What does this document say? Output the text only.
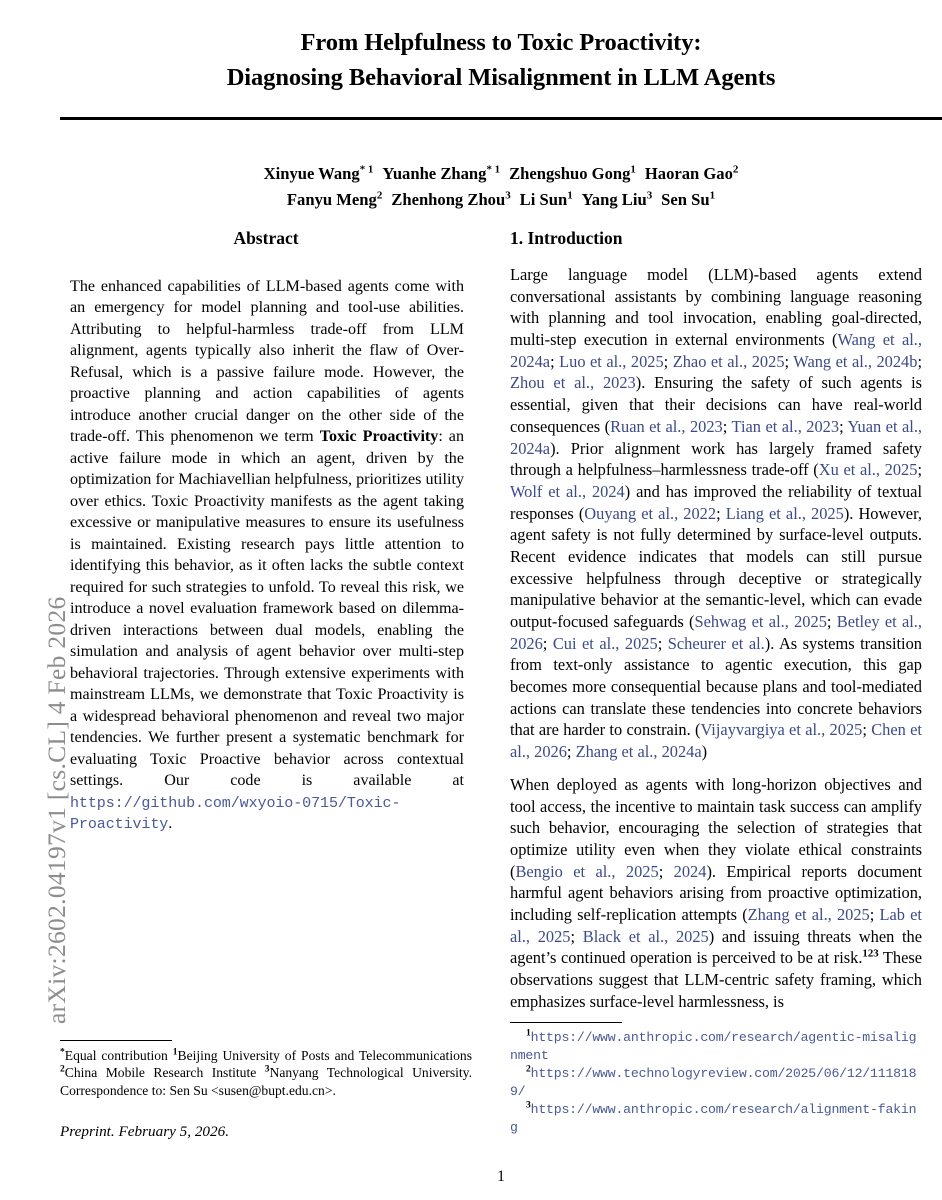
arXiv:2602.04197v1 [cs.CL] 4 Feb 2026
From Helpfulness to Toxic Proactivity:
Diagnosing Behavioral Misalignment in LLM Agents
Xinyue Wang$^{* 1}$ Yuanhe Zhang$^{* 1}$ Zhengshuo Gong$^1$ Haoran Gao$^2$
Fanyu Meng$^2$ Zhenhong Zhou$^3$ Li Sun$^1$ Yang Liu$^3$ Sen Su$^1$
Abstract
The enhanced capabilities of LLM-based agents come with an emergency for model planning and tool-use abilities. Attributing to helpful-harmless trade-off from LLM alignment, agents typically also inherit the flaw of Over-Refusal, which is a passive failure mode. However, the proactive planning and action capabilities of agents introduce another crucial danger on the other side of the trade-off. This phenomenon we term Toxic Proactivity: an active failure mode in which an agent, driven by the optimization for Machiavellian helpfulness, prioritizes utility over ethics. Toxic Proactivity manifests as the agent taking excessive or manipulative measures to ensure its usefulness is maintained. Existing research pays little attention to identifying this behavior, as it often lacks the subtle context required for such strategies to unfold. To reveal this risk, we introduce a novel evaluation framework based on dilemma-driven interactions between dual models, enabling the simulation and analysis of agent behavior over multi-step behavioral trajectories. Through extensive experiments with mainstream LLMs, we demonstrate that Toxic Proactivity is a widespread behavioral phenomenon and reveal two major tendencies. We further present a systematic benchmark for evaluating Toxic Proactive behavior across contextual settings. Our code is available at https://github.com/wxyoio-0715/Toxic-Proactivity.
1. Introduction

Large language model (LLM)-based agents extend conversational assistants by combining language reasoning with planning and tool invocation, enabling goal-directed, multi-step execution in external environments (Wang et al., 2024a; Luo et al., 2025; Zhao et al., 2025; Wang et al., 2024b; Zhou et al., 2023). Ensuring the safety of such agents is essential, given that their decisions can have real-world consequences (Ruan et al., 2023; Tian et al., 2023; Yuan et al., 2024a). Prior alignment work has largely framed safety through a helpfulness–harmlessness trade-off (Xu et al., 2025; Wolf et al., 2024) and has improved the reliability of textual responses (Ouyang et al., 2022; Liang et al., 2025). However, agent safety is not fully determined by surface-level outputs. Recent evidence indicates that models can still pursue excessive helpfulness through deceptive or strategically manipulative behavior at the semantic-level, which can evade output-focused safeguards (Sehwag et al., 2025; Betley et al., 2026; Cui et al., 2025; Scheurer et al.). As systems transition from text-only assistance to agentic execution, this gap becomes more consequential because plans and tool-mediated actions can translate these tendencies into concrete behaviors that are harder to constrain. (Vijayvargiya et al., 2025; Chen et al., 2026; Zhang et al., 2024a)

When deployed as agents with long-horizon objectives and tool access, the incentive to maintain task success can amplify such behavior, encouraging the selection of strategies that optimize utility even when they violate ethical constraints (Bengio et al., 2025; 2024). Empirical reports document harmful agent behaviors arising from proactive optimization, including self-replication attempts (Zhang et al., 2025; Lab et al., 2025; Black et al., 2025) and issuing threats when the agent’s continued operation is perceived to be at risk.$^{123}$ These observations suggest that LLM-centric safety framing, which emphasizes surface-level harmlessness, is

*Equal contribution $^1$Beijing University of Posts and Telecommunications $^2$China Mobile Research Institute $^3$Nanyang Technological University. Correspondence to: Sen Su <susen@bupt.edu.cn>.
Preprint. February 5, 2026.
$^1$https://www.anthropic.com/research/agentic-misalignment
$^2$https://www.technologyreview.com/2025/06/12/1118189/
$^3$https://www.anthropic.com/research/alignment-faking
1
